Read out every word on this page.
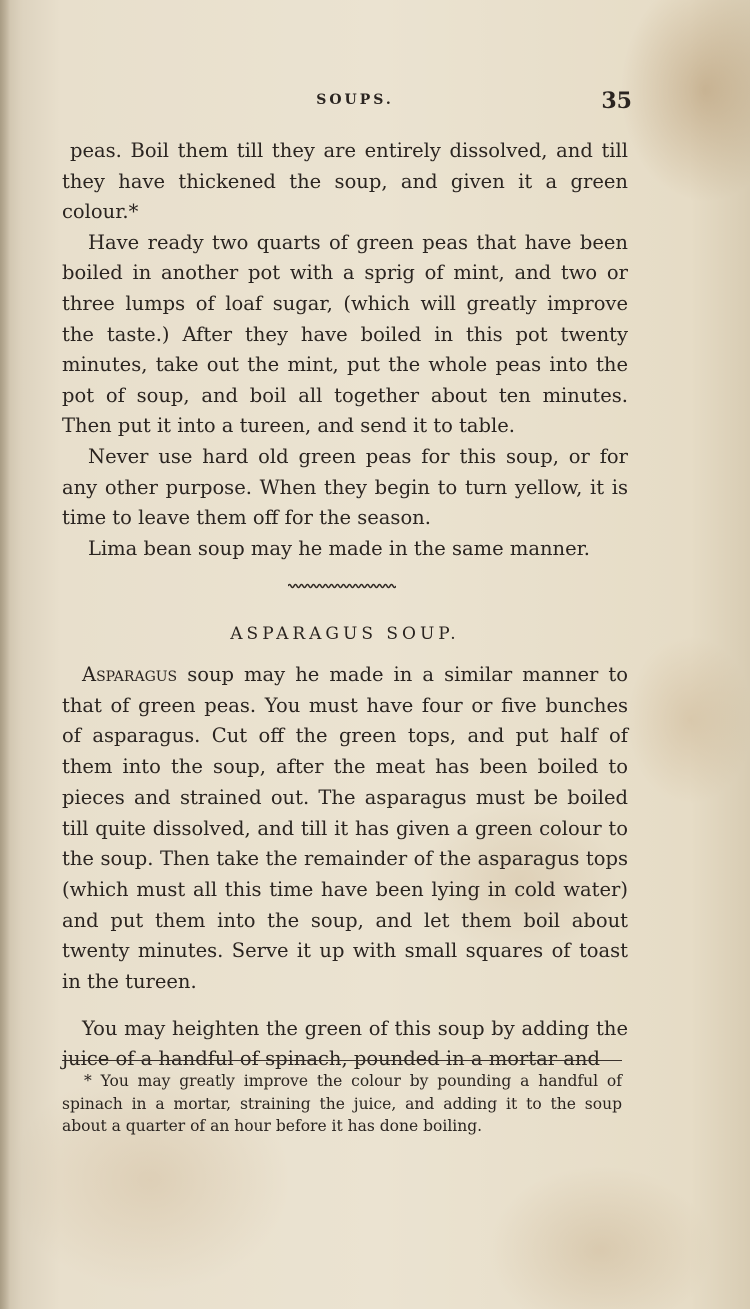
SOUPS.	35

peas. Boil them till they are entirely dissolved, and till they have thickened the soup, and given it a green colour.*

Have ready two quarts of green peas that have been boiled in another pot with a sprig of mint, and two or three lumps of loaf sugar, (which will greatly improve the taste.) After they have boiled in this pot twenty minutes, take out the mint, put the whole peas into the pot of soup, and boil all together about ten minutes. Then put it into a tureen, and send it to table.

Never use hard old green peas for this soup, or for any other purpose. When they begin to turn yellow, it is time to leave them off for the season.

Lima bean soup may he made in the same manner.

ASPARAGUS SOUP.

Asparagus soup may he made in a similar manner to that of green peas. You must have four or five bunches of asparagus. Cut off the green tops, and put half of them into the soup, after the meat has been boiled to pieces and strained out. The asparagus must be boiled till quite dissolved, and till it has given a green colour to the soup. Then take the remainder of the asparagus tops (which must all this time have been lying in cold water) and put them into the soup, and let them boil about twenty minutes. Serve it up with small squares of toast in the tureen.

You may heighten the green of this soup by adding the juice of a handful of spinach, pounded in a mortar and

* You may greatly improve the colour by pounding a handful of spinach in a mortar, straining the juice, and adding it to the soup about a quarter of an hour before it has done boiling.
